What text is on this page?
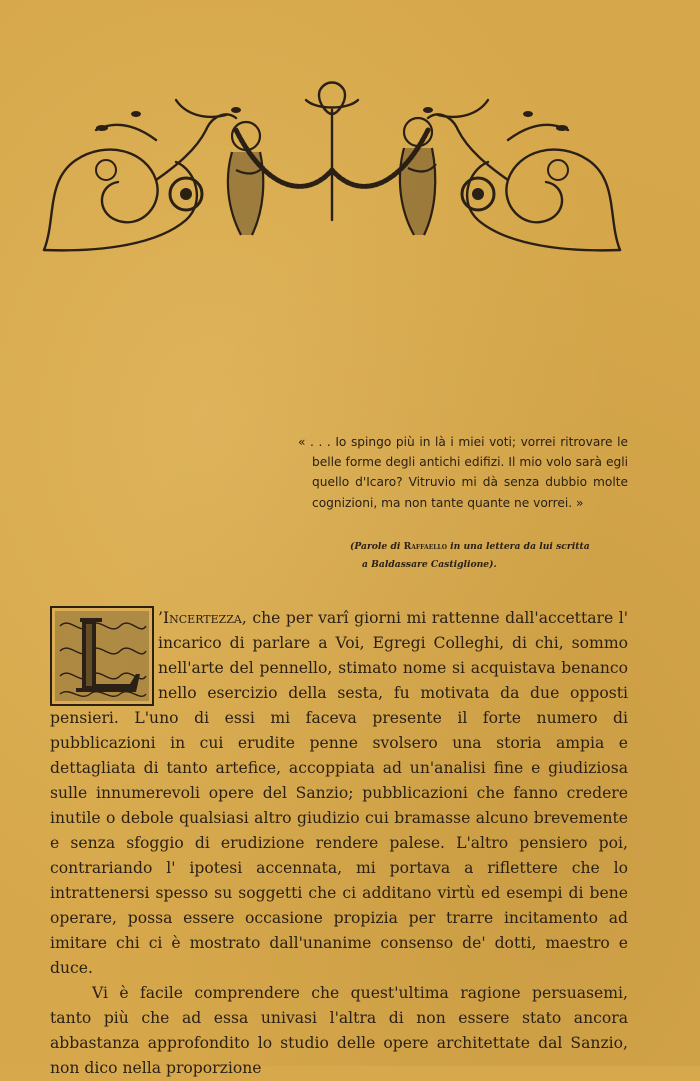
« . . . Io spingo più in là i miei voti; vorrei ritrovare le belle forme degli antichi edifizi. Il mio volo sarà egli quello d'Icaro? Vitruvio mi dà senza dubbio molte cognizioni, ma non tante quante ne vorrei. »

(Parole di Raffaello in una lettera da lui scritta
a Baldassare Castiglione).

’Incertezza, che per varî giorni mi rattenne dall'accettare l' incarico di parlare a Voi, Egregi Colleghi, di chi, sommo nell'arte del pennello, stimato nome si acquistava benanco nello esercizio della sesta, fu motivata da due opposti pensieri. L'uno di essi mi faceva presente il forte numero di pubblicazioni in cui erudite penne svolsero una storia ampia e dettagliata di tanto artefice, accoppiata ad un'analisi fine e giudiziosa sulle innumerevoli opere del Sanzio; pubblicazioni che fanno credere inutile o debole qualsiasi altro giudizio cui bramasse alcuno brevemente e senza sfoggio di erudizione rendere palese. L'altro pensiero poi, contrariando l' ipotesi accennata, mi portava a riflettere che lo intrattenersi spesso su soggetti che ci additano virtù ed esempi di bene operare, possa essere occasione propizia per trarre incitamento ad imitare chi ci è mostrato dall'unanime consenso de' dotti, maestro e duce.

Vi è facile comprendere che quest'ultima ragione persuasemi, tanto più che ad essa univasi l'altra di non essere stato ancora abbastanza approfondito lo studio delle opere architettate dal Sanzio, non dico nella proporzione
